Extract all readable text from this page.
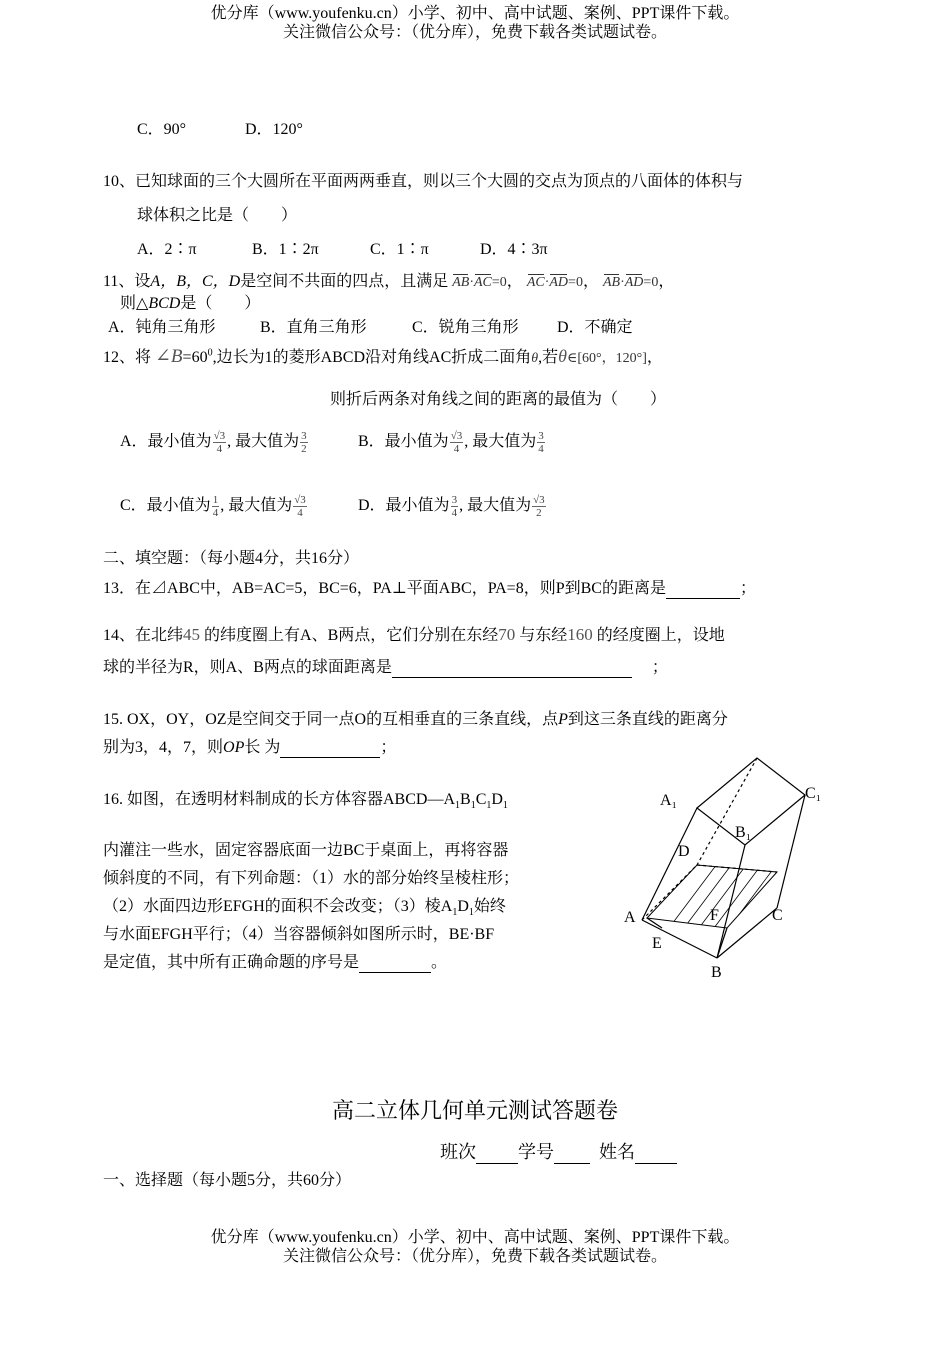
优分库（www.youfenku.cn）小学、初中、高中试题、案例、PPT课件下载。
关注微信公众号：（优分库），免费下载各类试题试卷。
C．90°	D．120°
10、已知球面的三个大圆所在平面两两垂直，则以三个大圆的交点为顶点的八面体的体积与
球体积之比是（　　）
A．2∶π	B．1∶2π	C．1∶π	D．4∶3π
11、设A，B，C，D是空间不共面的四点，且满足 AB·AC=0， AC·AD=0， AB·AD=0，
则△BCD是（　　）
A．钝角三角形	B．直角三角形	C．锐角三角形 D．不确定
12、将 $\angle B=60^0$,边长为1的菱形ABCD沿对角线AC折成二面角θ,若θ∈[60°，120°]，
则折后两条对角线之间的距离的最值为（　　）
A．最小值为 $\frac{√3}{4}$ , 最大值为 $\frac{3}{2}$	B．最小值为 $\frac{√3}{4}$ , 最大值为 $\frac{3}{4}$
C．最小值为 $\frac{1}{4}$ , 最大值为 $\frac{√3}{4}$	D．最小值为 $\frac{3}{4}$ , 最大值为 $\frac{√3}{2}$
二、填空题：（每小题4分，共16分）
13．在⊿ABC中，AB=AC=5，BC=6，PA⊥平面ABC，PA=8，则P到BC的距离是	；
14、在北纬45 的纬度圈上有A、B两点，它们分别在东经70 与东经160 的经度圈上，设地
球的半径为R，则A、B两点的球面距离是	；
15. OX，OY，OZ是空间交于同一点O的互相垂直的三条直线，点P到这三条直线的距离分
别为3，4，7，则OP长 为	；
16. 如图，在透明材料制成的长方体容器$ABCD—A_1B_1C_1D_1$
内灌注一些水，固定容器底面一边BC于桌面上，再将容器
倾斜度的不同，有下列命题：（1）水的部分始终呈棱柱形；
（2）水面四边形EFGH的面积不会改变；（3）棱$A_1D_1$始终
与水面EFGH平行；（4）当容器倾斜如图所示时，BE·BF
是定值，其中所有正确命题的序号是	。
A₁	C₁
B₁
D
A	C
F
E
B
高二立体几何单元测试答题卷
班次 学号	姓名
一、选择题（每小题5分，共60分）
优分库（www.youfenku.cn）小学、初中、高中试题、案例、PPT课件下载。
关注微信公众号：（优分库），免费下载各类试题试卷。
